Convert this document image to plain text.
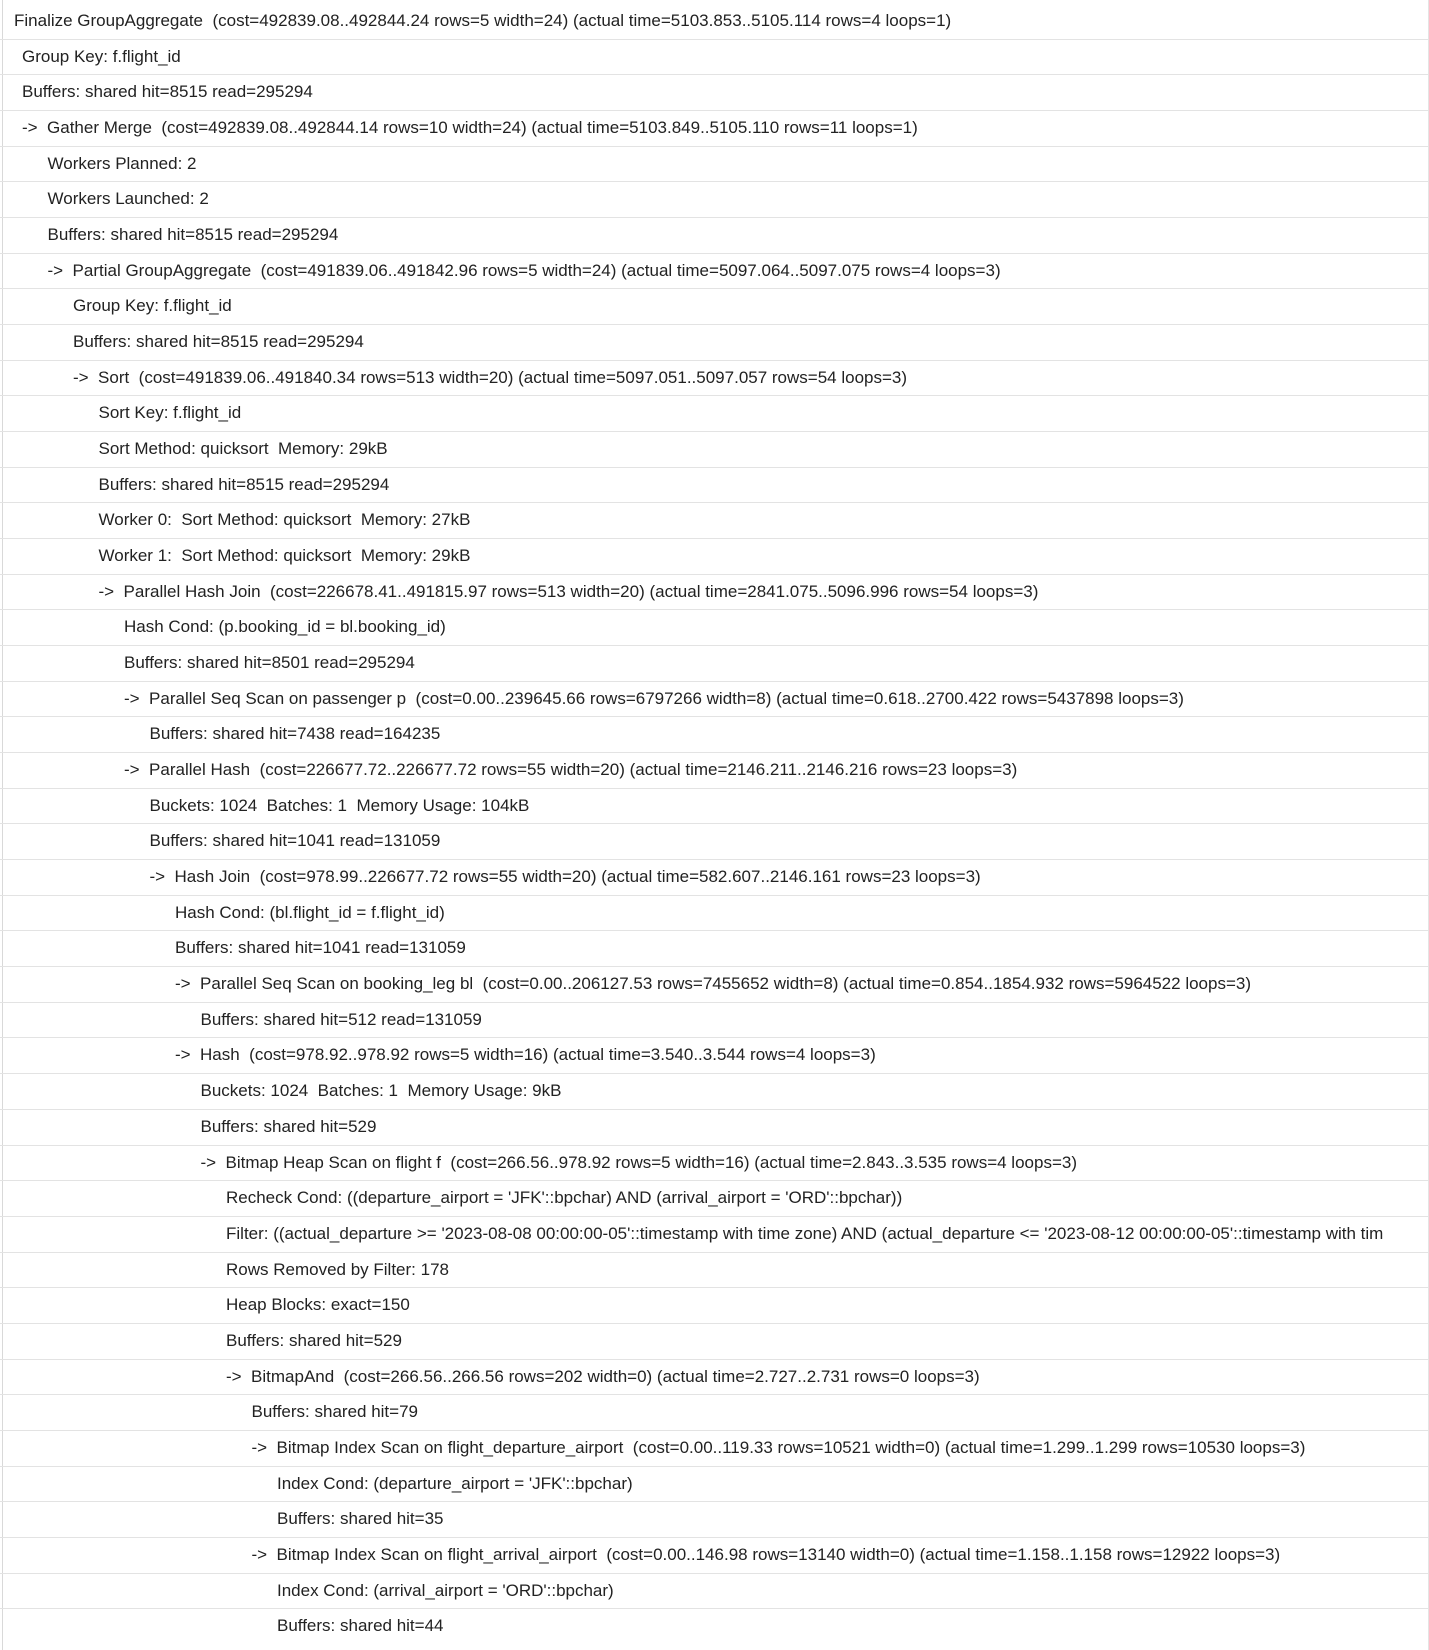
Finalize GroupAggregate  (cost=492839.08..492844.24 rows=5 width=24) (actual time=5103.853..5105.114 rows=4 loops=1)
Group Key: f.flight_id
Buffers: shared hit=8515 read=295294
->  Gather Merge  (cost=492839.08..492844.14 rows=10 width=24) (actual time=5103.849..5105.110 rows=11 loops=1)
Workers Planned: 2
Workers Launched: 2
Buffers: shared hit=8515 read=295294
->  Partial GroupAggregate  (cost=491839.06..491842.96 rows=5 width=24) (actual time=5097.064..5097.075 rows=4 loops=3)
Group Key: f.flight_id
Buffers: shared hit=8515 read=295294
->  Sort  (cost=491839.06..491840.34 rows=513 width=20) (actual time=5097.051..5097.057 rows=54 loops=3)
Sort Key: f.flight_id
Sort Method: quicksort  Memory: 29kB
Buffers: shared hit=8515 read=295294
Worker 0:  Sort Method: quicksort  Memory: 27kB
Worker 1:  Sort Method: quicksort  Memory: 29kB
->  Parallel Hash Join  (cost=226678.41..491815.97 rows=513 width=20) (actual time=2841.075..5096.996 rows=54 loops=3)
Hash Cond: (p.booking_id = bl.booking_id)
Buffers: shared hit=8501 read=295294
->  Parallel Seq Scan on passenger p  (cost=0.00..239645.66 rows=6797266 width=8) (actual time=0.618..2700.422 rows=5437898 loops=3)
Buffers: shared hit=7438 read=164235
->  Parallel Hash  (cost=226677.72..226677.72 rows=55 width=20) (actual time=2146.211..2146.216 rows=23 loops=3)
Buckets: 1024  Batches: 1  Memory Usage: 104kB
Buffers: shared hit=1041 read=131059
->  Hash Join  (cost=978.99..226677.72 rows=55 width=20) (actual time=582.607..2146.161 rows=23 loops=3)
Hash Cond: (bl.flight_id = f.flight_id)
Buffers: shared hit=1041 read=131059
->  Parallel Seq Scan on booking_leg bl  (cost=0.00..206127.53 rows=7455652 width=8) (actual time=0.854..1854.932 rows=5964522 loops=3)
Buffers: shared hit=512 read=131059
->  Hash  (cost=978.92..978.92 rows=5 width=16) (actual time=3.540..3.544 rows=4 loops=3)
Buckets: 1024  Batches: 1  Memory Usage: 9kB
Buffers: shared hit=529
->  Bitmap Heap Scan on flight f  (cost=266.56..978.92 rows=5 width=16) (actual time=2.843..3.535 rows=4 loops=3)
Recheck Cond: ((departure_airport = 'JFK'::bpchar) AND (arrival_airport = 'ORD'::bpchar))
Filter: ((actual_departure >= '2023-08-08 00:00:00-05'::timestamp with time zone) AND (actual_departure <= '2023-08-12 00:00:00-05'::timestamp with tim
Rows Removed by Filter: 178
Heap Blocks: exact=150
Buffers: shared hit=529
->  BitmapAnd  (cost=266.56..266.56 rows=202 width=0) (actual time=2.727..2.731 rows=0 loops=3)
Buffers: shared hit=79
->  Bitmap Index Scan on flight_departure_airport  (cost=0.00..119.33 rows=10521 width=0) (actual time=1.299..1.299 rows=10530 loops=3)
Index Cond: (departure_airport = 'JFK'::bpchar)
Buffers: shared hit=35
->  Bitmap Index Scan on flight_arrival_airport  (cost=0.00..146.98 rows=13140 width=0) (actual time=1.158..1.158 rows=12922 loops=3)
Index Cond: (arrival_airport = 'ORD'::bpchar)
Buffers: shared hit=44
